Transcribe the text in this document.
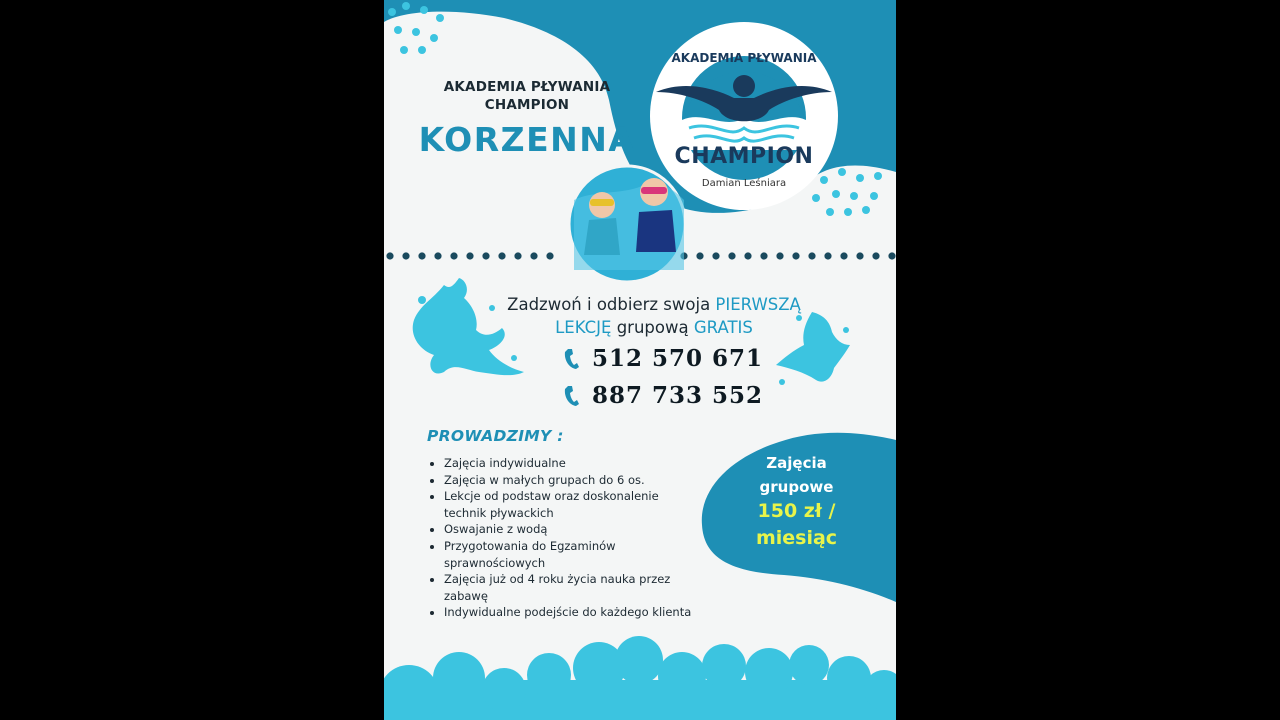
AKADEMIA PŁYWANIA
AKADEMIA PŁYWANIA
CHAMPION
KORZENNA	CHAMPION
Damian Leśniara
Zadzwoń i odbierz swoja PIERWSZĄ
LEKCJĘ grupową GRATIS
512 570 671
887 733 552
PROWADZIMY :
• Zajęcia indywidualne
• Zajęcia w małych grupach do 6 os.
• Lekcje od podstaw oraz doskonalenie technik pływackich
• Oswajanie z wodą
• Przygotowania do Egzaminów sprawnościowych
• Zajęcia już od 4 roku życia nauka przez zabawę
• Indywidualne podejście do każdego klienta
Zajęcia
grupowe
150 zł /
miesiąc
